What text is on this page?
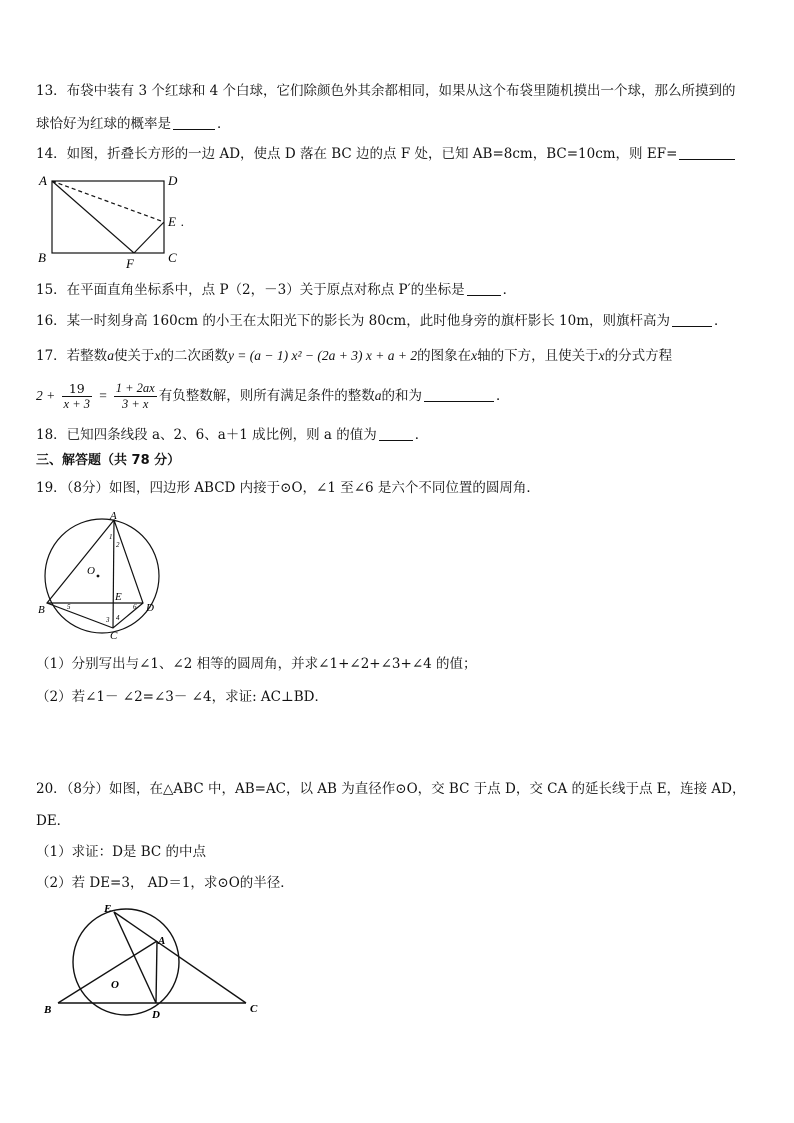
13．布袋中装有 3 个红球和 4 个白球，它们除颜色外其余都相同，如果从这个布袋里随机摸出一个球，那么所摸到的
球恰好为红球的概率是	．
14．如图，折叠长方形的一边 AD，使点 D 落在 BC 边的点 F 处，已知 AB=8cm，BC=10cm，则 EF=
A	D
E .
B	C
F
15．在平面直角坐标系中，点 P（2，－3）关于原点对称点 P′的坐标是	．
16．某一时刻身高 160cm 的小王在太阳光下的影长为 80cm，此时他身旁的旗杆影长 10m，则旗杆高为	．
17．若整数a使关于x的二次函数y = (a − 1) x² − (2a + 3) x + a + 2的图象在x轴的下方，且使关于x的分式方程
$2 + \frac{19}{x + 3} = \frac{1 + 2ax}{3 + x}$ 有负整数解，则所有满足条件的整数a的和为	．
18．已知四条线段 a、2、6、a＋1 成比例，则 a 的值为	．
三、解答题（共 78 分）
19．（8分）如图，四边形 ABCD 内接于⊙O，∠1 至∠6 是六个不同位置的圆周角．
A
O
E
B	D
C
1
2
3 4
5	6
（1）分别写出与∠1、∠2 相等的圆周角，并求∠1+∠2+∠3+∠4 的值；
（2）若∠1－ ∠2=∠3－ ∠4，求证: AC⊥BD．
20．（8分）如图，在△ABC 中，AB=AC，以 AB 为直径作⊙O，交 BC 于点 D，交 CA 的延长线于点 E，连接 AD，
DE．
（1）求证：D是 BC 的中点
（2）若 DE=3， AD＝1，求⊙O的半径．
E
A
O
B	D	C
